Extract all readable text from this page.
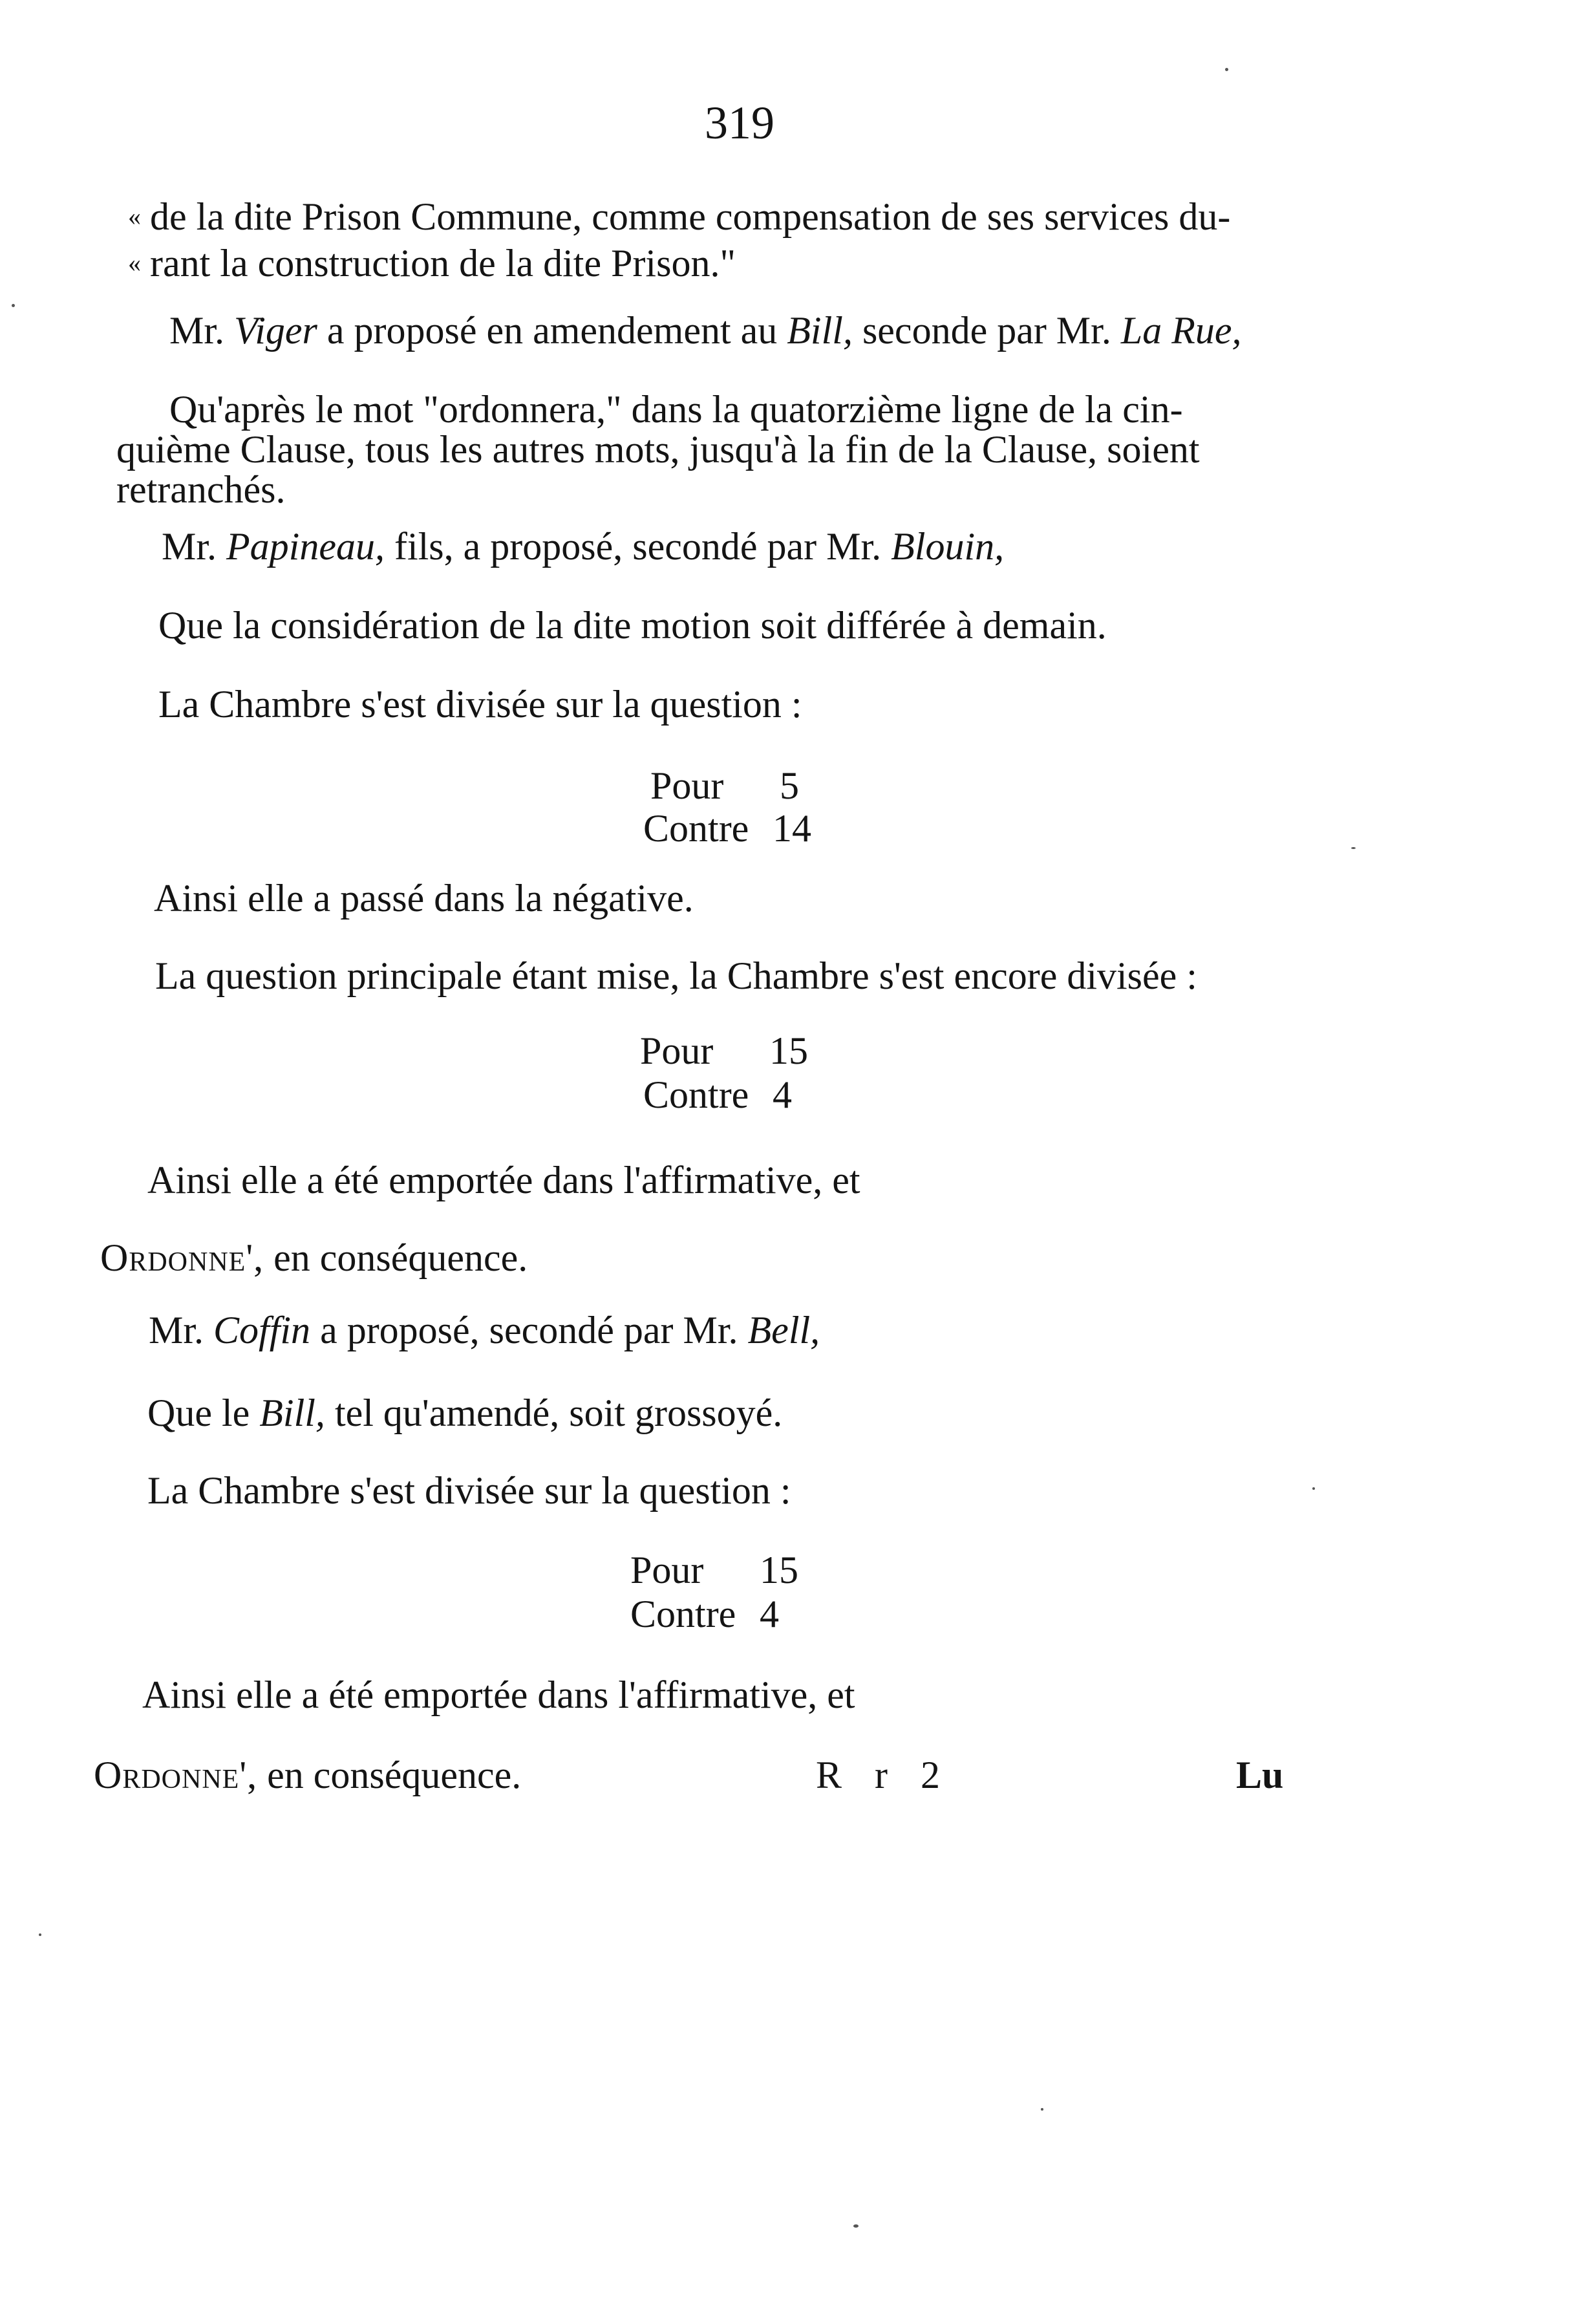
319
« de la dite Prison Commune, comme compensation de ses services du-
« rant la construction de la dite Prison."
Mr. Viger a proposé en amendement au Bill, seconde par Mr. La Rue,
Qu'après le mot "ordonnera," dans la quatorzième ligne de la cin-
quième Clause, tous les autres mots, jusqu'à la fin de la Clause, soient
retranchés.
Mr. Papineau, fils, a proposé, secondé par Mr. Blouin,
Que la considération de la dite motion soit différée à demain.
La Chambre s'est divisée sur la question :
Pour 5
Contre 14
Ainsi elle a passé dans la négative.
La question principale étant mise, la Chambre s'est encore divisée :
Pour 15
Contre 4
Ainsi elle a été emportée dans l'affirmative, et
Ordonne', en conséquence.
Mr. Coffin a proposé, secondé par Mr. Bell,
Que le Bill, tel qu'amendé, soit grossoyé.
La Chambre s'est divisée sur la question :
Pour 15
Contre 4
Ainsi elle a été emportée dans l'affirmative, et
Ordonne', en conséquence.	R r 2	Lu
